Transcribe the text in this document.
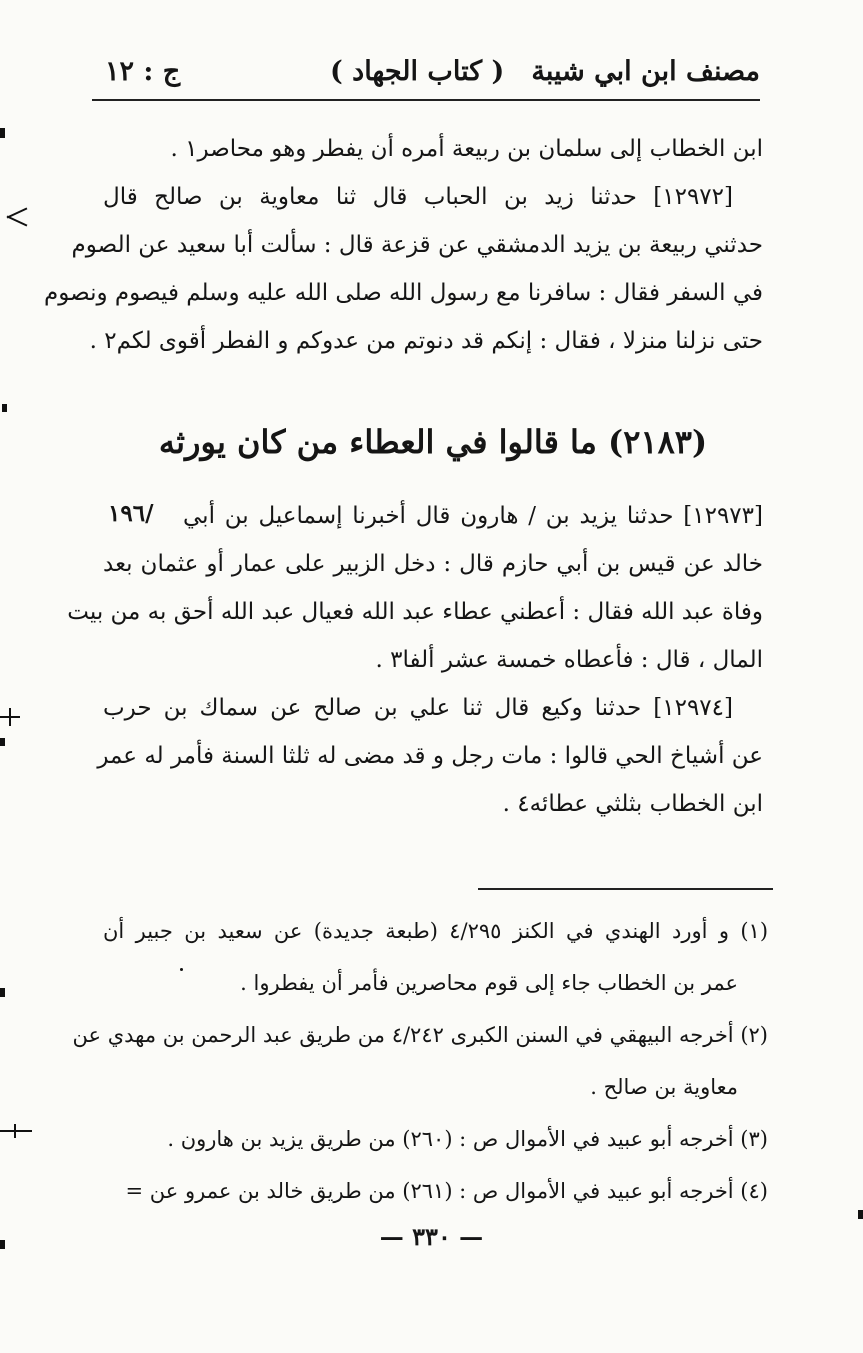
مصنف ابن ابي شيبة
( كتاب الجهاد )
ج : ١٢
ابن الخطاب إلى سلمان بن ربيعة أمره أن يفطر وهو محاصر١ .
[١٢٩٧٢] حدثنا زيد بن الحباب قال ثنا معاوية بن صالح قال
حدثني ربيعة بن يزيد الدمشقي عن قزعة قال : سألت أبا سعيد عن الصوم
في السفر فقال : سافرنا مع رسول الله صلى الله عليه وسلم فيصوم ونصوم
حتى نزلنا منزلا ، فقال : إنكم قد دنوتم من عدوكم و الفطر أقوى لكم٢ .
(٢١٨٣) ما قالوا في العطاء من كان يورثه
١٩٦/ [١٢٩٧٣] حدثنا يزيد بن / هارون قال أخبرنا إسماعيل بن أبي
خالد عن قيس بن أبي حازم قال : دخل الزبير على عمار أو عثمان بعد
وفاة عبد الله فقال : أعطني عطاء عبد الله فعيال عبد الله أحق به من بيت
المال ، قال : فأعطاه خمسة عشر ألفا٣ .
[١٢٩٧٤] حدثنا وكيع قال ثنا علي بن صالح عن سماك بن حرب
عن أشياخ الحي قالوا : مات رجل و قد مضى له ثلثا السنة فأمر له عمر
ابن الخطاب بثلثي عطائه٤ .
(١) و أورد الهندي في الكنز ٤/٢٩٥ (طبعة جديدة) عن سعيد بن جبير أن
عمر بن الخطاب جاء إلى قوم محاصرين فأمر أن يفطروا .
(٢) أخرجه البيهقي في السنن الكبرى ٤/٢٤٢ من طريق عبد الرحمن بن مهدي عن
معاوية بن صالح .
(٣) أخرجه أبو عبيد في الأموال ص : (٢٦٠) من طريق يزيد بن هارون .
(٤) أخرجه أبو عبيد في الأموال ص : (٢٦١) من طريق خالد بن عمرو عن =
— ٣٣٠ —
